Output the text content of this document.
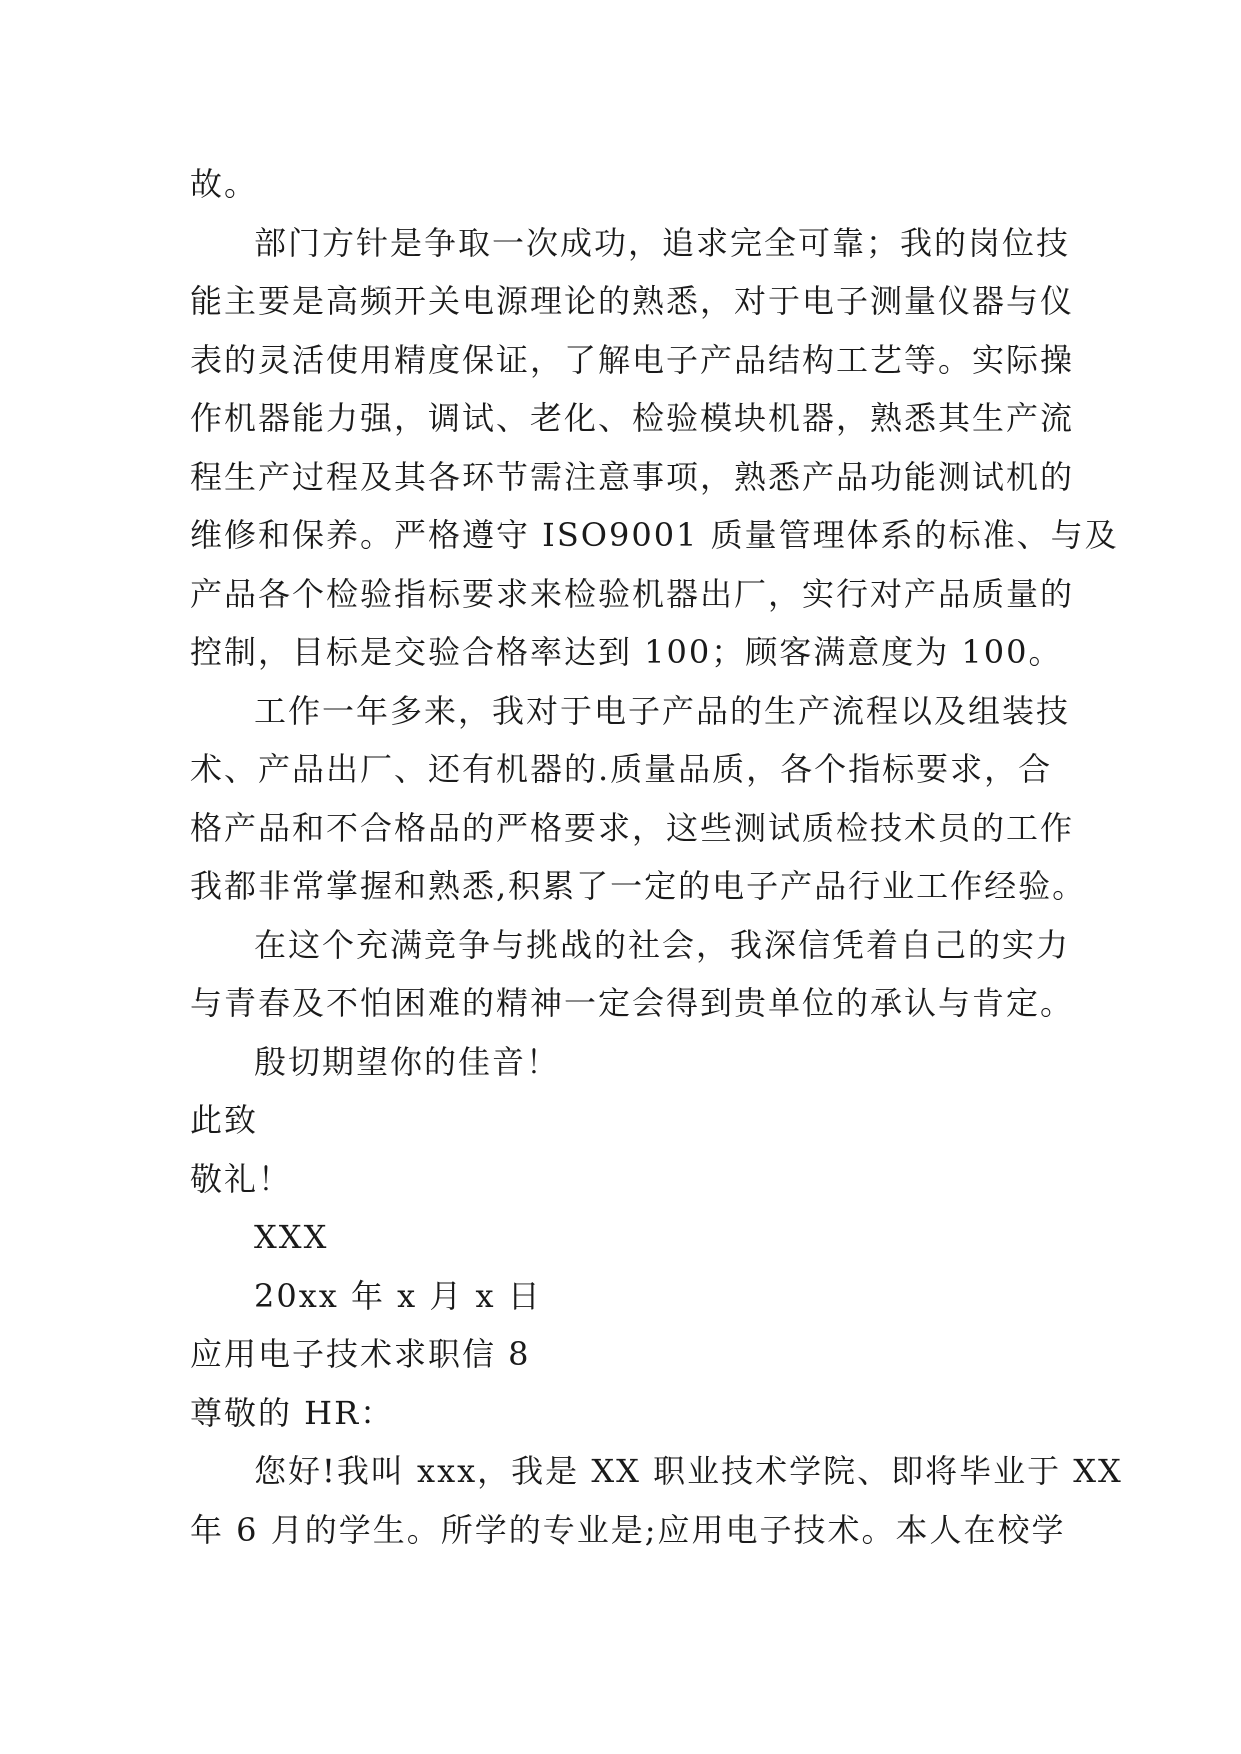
故。
部门方针是争取一次成功，追求完全可靠；我的岗位技
能主要是高频开关电源理论的熟悉，对于电子测量仪器与仪
表的灵活使用精度保证，了解电子产品结构工艺等。实际操
作机器能力强，调试、老化、检验模块机器，熟悉其生产流
程生产过程及其各环节需注意事项，熟悉产品功能测试机的
维修和保养。严格遵守 ISO9001 质量管理体系的标准、与及
产品各个检验指标要求来检验机器出厂，实行对产品质量的
控制，目标是交验合格率达到 100；顾客满意度为 100。
工作一年多来，我对于电子产品的生产流程以及组装技
术、产品出厂、还有机器的.质量品质，各个指标要求，合
格产品和不合格品的严格要求，这些测试质检技术员的工作
我都非常掌握和熟悉,积累了一定的电子产品行业工作经验。
在这个充满竞争与挑战的社会，我深信凭着自己的实力
与青春及不怕困难的精神一定会得到贵单位的承认与肯定。
殷切期望你的佳音！
此致
敬礼！
XXX
20xx 年 x 月 x 日
应用电子技术求职信 8
尊敬的 HR：
您好!我叫 xxx，我是 XX 职业技术学院、即将毕业于 XX
年 6 月的学生。所学的专业是;应用电子技术。本人在校学
